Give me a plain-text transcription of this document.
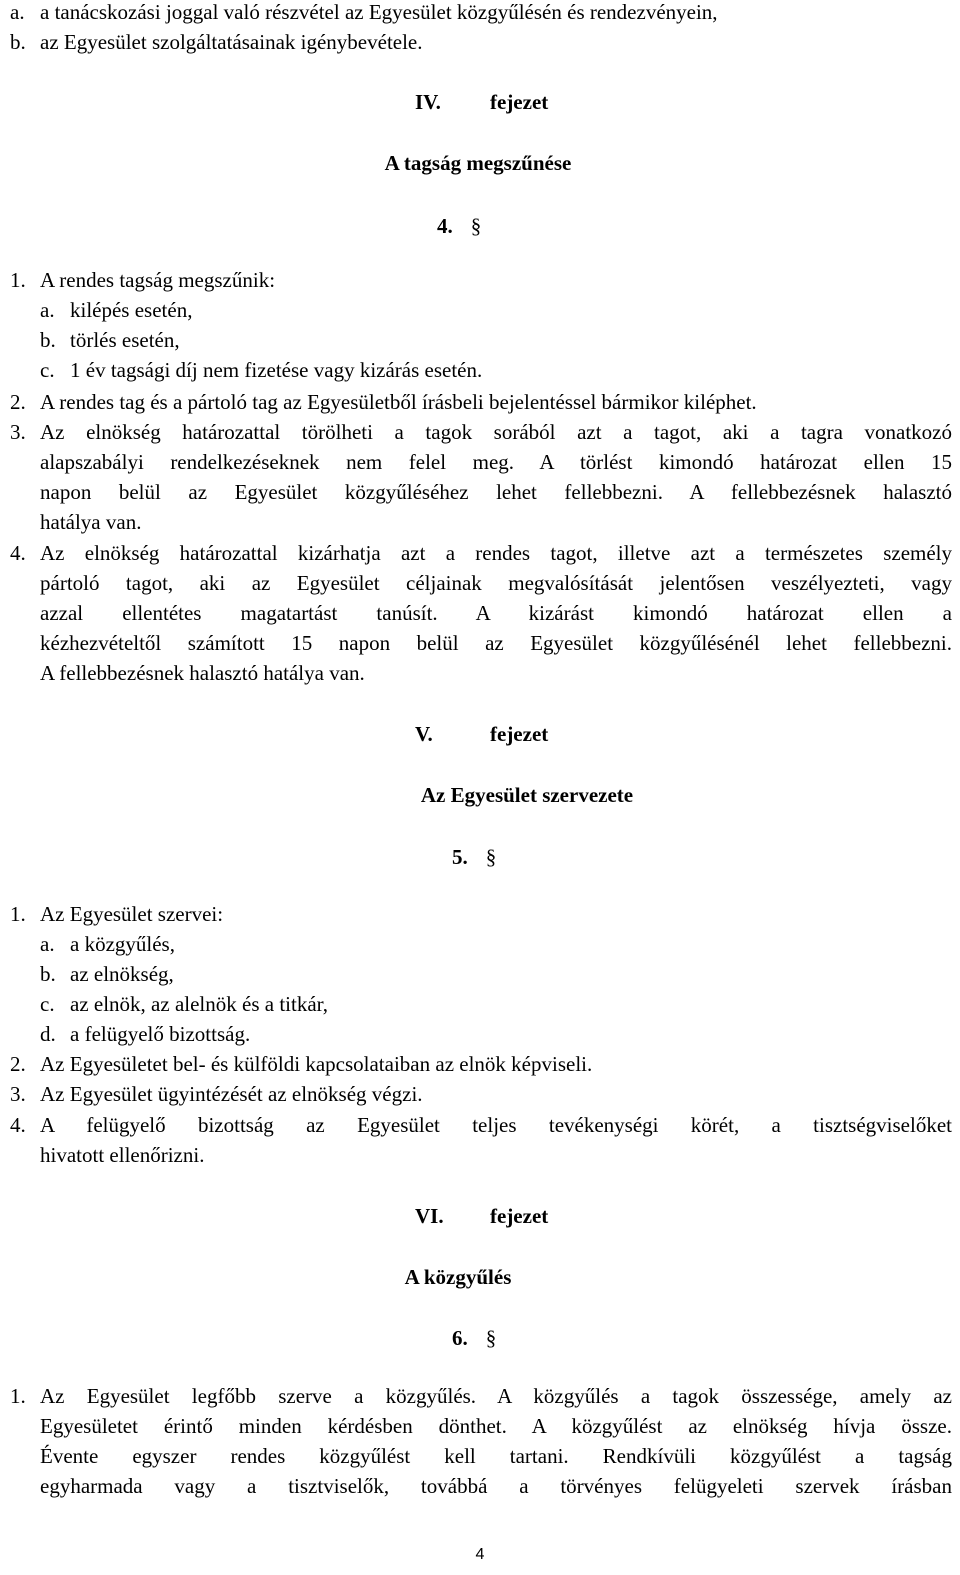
a. a tanácskozási joggal való részvétel az Egyesület közgyűlésén és rendezvényein,
b. az Egyesület szolgáltatásainak igénybevétele.
IV. fejezet
A tagság megszűnése
4. §
1. A rendes tagság megszűnik:
a. kilépés esetén,
b. törlés esetén,
c. 1 év tagsági díj nem fizetése vagy kizárás esetén.
2. A rendes tag és a pártoló tag az Egyesületből írásbeli bejelentéssel bármikor kiléphet.
3. Az elnökség határozattal törölheti a tagok sorából azt a tagot, aki a tagra vonatkozó
alapszabályi rendelkezéseknek nem felel meg. A törlést kimondó határozat ellen 15
napon belül az Egyesület közgyűléséhez lehet fellebbezni. A fellebbezésnek halasztó
hatálya van.
4. Az elnökség határozattal kizárhatja azt a rendes tagot, illetve azt a természetes személy
pártoló tagot, aki az Egyesület céljainak megvalósítását jelentősen veszélyezteti, vagy
azzal ellentétes magatartást tanúsít. A kizárást kimondó határozat ellen a
kézhezvételtől számított 15 napon belül az Egyesület közgyűlésénél lehet fellebbezni.
A fellebbezésnek halasztó hatálya van.
V.	fejezet
Az Egyesület szervezete
5. §
1. Az Egyesület szervei:
a. a közgyűlés,
b. az elnökség,
c. az elnök, az alelnök és a titkár,
d. a felügyelő bizottság.
2. Az Egyesületet bel- és külföldi kapcsolataiban az elnök képviseli.
3. Az Egyesület ügyintézését az elnökség végzi.
4. A felügyelő bizottság az Egyesület teljes tevékenységi körét, a tisztségviselőket
hivatott ellenőrizni.
VI. fejezet
A közgyűlés
6. §
1. Az Egyesület legfőbb szerve a közgyűlés. A közgyűlés a tagok összessége, amely az
Egyesületet érintő minden kérdésben dönthet. A közgyűlést az elnökség hívja össze.
Évente egyszer rendes közgyűlést kell tartani. Rendkívüli közgyűlést a tagság
egyharmada vagy a tisztviselők, továbbá a törvényes felügyeleti szervek írásban
4
